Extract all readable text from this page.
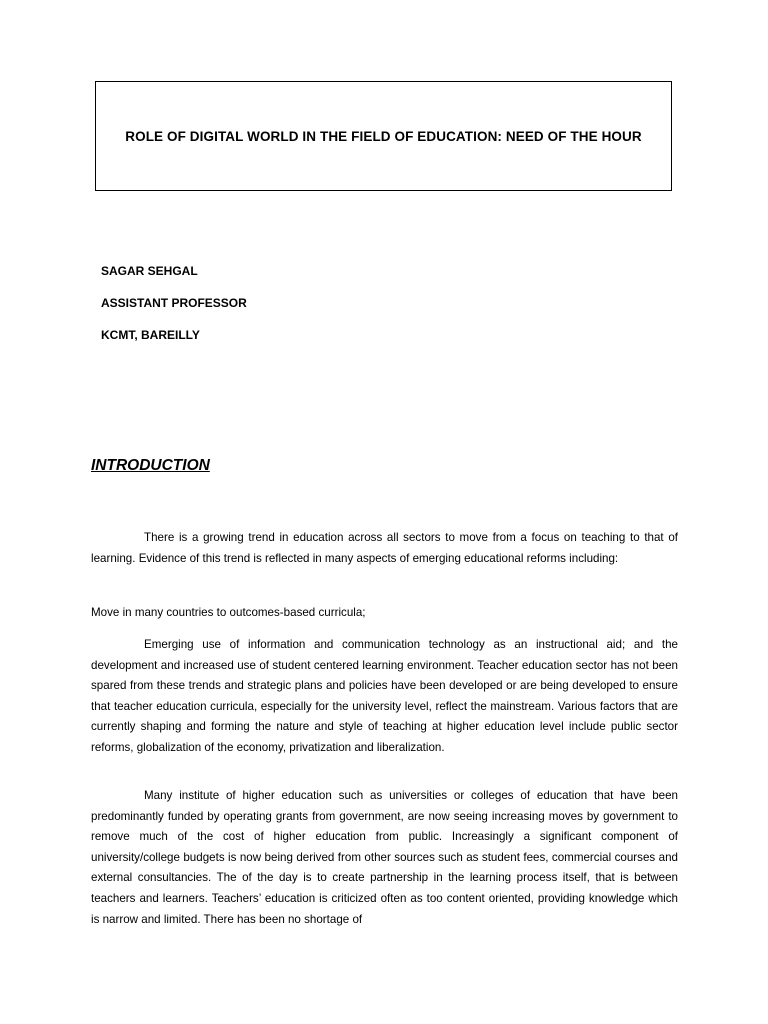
ROLE OF DIGITAL WORLD IN THE FIELD OF EDUCATION: NEED OF THE HOUR
SAGAR SEHGAL
ASSISTANT PROFESSOR
KCMT, BAREILLY
INTRODUCTION

There is a growing trend in education across all sectors to move from a focus on teaching to that of learning. Evidence of this trend is reflected in many aspects of emerging educational reforms including:

Move in many countries to outcomes-based curricula;

Emerging use of information and communication technology as an instructional aid; and the development and increased use of student centered learning environment. Teacher education sector has not been spared from these trends and strategic plans and policies have been developed or are being developed to ensure that teacher education curricula, especially for the university level, reflect the mainstream. Various factors that are currently shaping and forming the nature and style of teaching at higher education level include public sector reforms, globalization of the economy, privatization and liberalization.

Many institute of higher education such as universities or colleges of education that have been predominantly funded by operating grants from government, are now seeing increasing moves by government to remove much of the cost of higher education from public. Increasingly a significant component of university/college budgets is now being derived from other sources such as student fees, commercial courses and external consultancies. The of the day is to create partnership in the learning process itself, that is between teachers and learners. Teachers’ education is criticized often as too content oriented, providing knowledge which is narrow and limited. There has been no shortage of
